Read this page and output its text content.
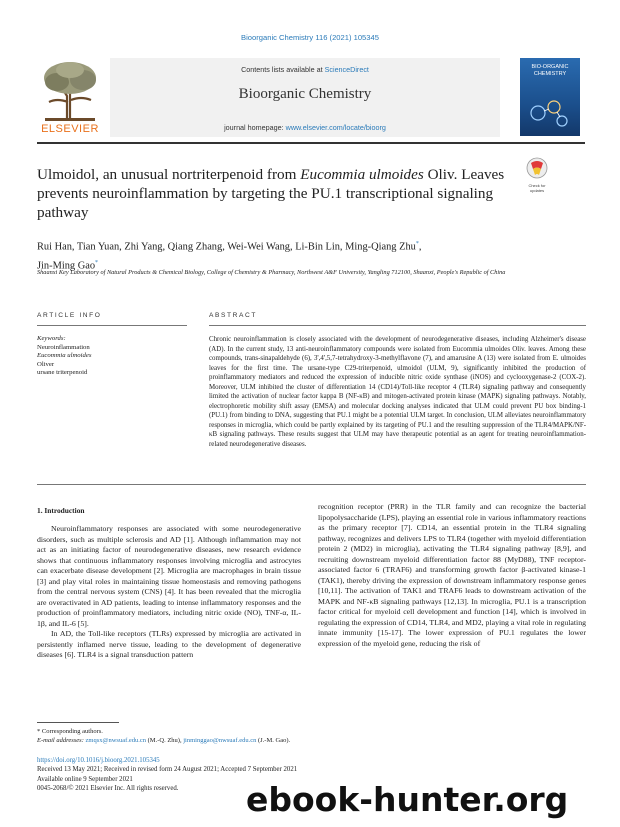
Bioorganic Chemistry 116 (2021) 105345
ELSEVIER
Contents lists available at ScienceDirect
Bioorganic Chemistry
journal homepage: www.elsevier.com/locate/bioorg
BIO-ORGANIC CHEMISTRY
Ulmoidol, an unusual nortriterpenoid from Eucommia ulmoides Oliv. Leaves prevents neuroinflammation by targeting the PU.1 transcriptional signaling pathway
Check for updates
Rui Han, Tian Yuan, Zhi Yang, Qiang Zhang, Wei-Wei Wang, Li-Bin Lin, Ming-Qiang Zhu*,
Jin-Ming Gao*
Shaanxi Key Laboratory of Natural Products & Chemical Biology, College of Chemistry & Pharmacy, Northwest A&F University, Yangling 712100, Shaanxi, People's Republic of China
ARTICLE INFO	ABSTRACT
Keywords:
Neuroinflammation
Eucommia ulmoides
Oliver
ursane triterpenoid
Chronic neuroinflammation is closely associated with the development of neurodegenerative diseases, including Alzheimer's disease (AD). In the current study, 13 anti-neuroinflammatory compounds were isolated from Eucommia ulmoides Oliv. leaves. Among these compounds, trans-sinapaldehyde (6), 3',4',5,7-tetrahydroxy-3-methylflavone (7), and amarusine A (13) were isolated from E. ulmoides leaves for the first time. The ursane-type C29-triterpenoid, ulmoidol (ULM, 9), significantly inhibited the production of proinflammatory mediators and reduced the expression of inducible nitric oxide synthase (iNOS) and cyclooxygenase-2 (COX-2). Moreover, ULM inhibited the cluster of differentiation 14 (CD14)/Toll-like receptor 4 (TLR4) signaling pathway and consequently limited the activation of nuclear factor kappa B (NF-κB) and mitogen-activated protein kinase (MAPK) signaling pathways. Notably, electrophoretic mobility shift assay (EMSA) and molecular docking analyses indicated that ULM could prevent PU box binding-1 (PU.1) from binding to DNA, suggesting that PU.1 might be a potential ULM target. In conclusion, ULM alleviates neuroinflammatory responses in microglia, which could be partly explained by its targeting of PU.1 and the resulting suppression of the TLR4/MAPK/NF-κB signaling pathways. These results suggest that ULM may have therapeutic potential as an agent for treating neuroinflammation-related neurodegenerative diseases.
1. Introduction
Neuroinflammatory responses are associated with some neurodegenerative disorders, such as multiple sclerosis and AD [1]. Although inflammation may not act as an initiating factor of neurodegenerative diseases, new research evidence shows that continuous inflammatory responses involving microglia and astrocytes can exacerbate disease development [2]. Microglia are macrophages in brain tissue [3] and play vital roles in maintaining tissue homeostasis and removing pathogens from the central nervous system (CNS) [4]. It has been revealed that the microglia are overactivated in AD patients, leading to intense inflammatory responses and the production of proinflammatory mediators, including nitric oxide (NO), TNF-α, IL-1β, and IL-6 [5].
In AD, the Toll-like receptors (TLRs) expressed by microglia are activated in persistently inflamed nerve tissue, leading to the development of degenerative diseases [6]. TLR4 is a signal transduction pattern
recognition receptor (PRR) in the TLR family and can recognize the bacterial lipopolysaccharide (LPS), playing an essential role in various inflammatory reactions as the primary receptor [7]. CD14, an essential protein in the TLR4 signaling pathway, recognizes and delivers LPS to TLR4 (together with myeloid differentiation protein 2 (MD2) in microglia), activating the TLR4 signaling pathway [8,9], and recruiting downstream myeloid differentiation factor 88 (MyD88), TNF receptor-associated factor 6 (TRAF6) and transforming growth factor β-activated kinase-1 (TAK1), thereby driving the expression of downstream inflammatory response genes [10,11]. The activation of TAK1 and TRAF6 leads to downstream activation of the MAPK and NF-κB signaling pathways [12,13]. In microglia, PU.1 is a transcription factor critical for myeloid cell development and function [14], which is involved in regulating the expression of CD14, TLR4, and MD2, playing a vital role in regulating innate immunity [15-17]. The lower expression of PU.1 regulates the lower expression of the myeloid gene, reducing the risk of
* Corresponding authors.
E-mail addresses: zmqsx@nwsuaf.edu.cn (M.-Q. Zhu), jinminggao@nwsuaf.edu.cn (J.-M. Gao).
https://doi.org/10.1016/j.bioorg.2021.105345
Received 13 May 2021; Received in revised form 24 August 2021; Accepted 7 September 2021
Available online 9 September 2021
0045-2068/© 2021 Elsevier Inc. All rights reserved.	ebook-hunter.org
